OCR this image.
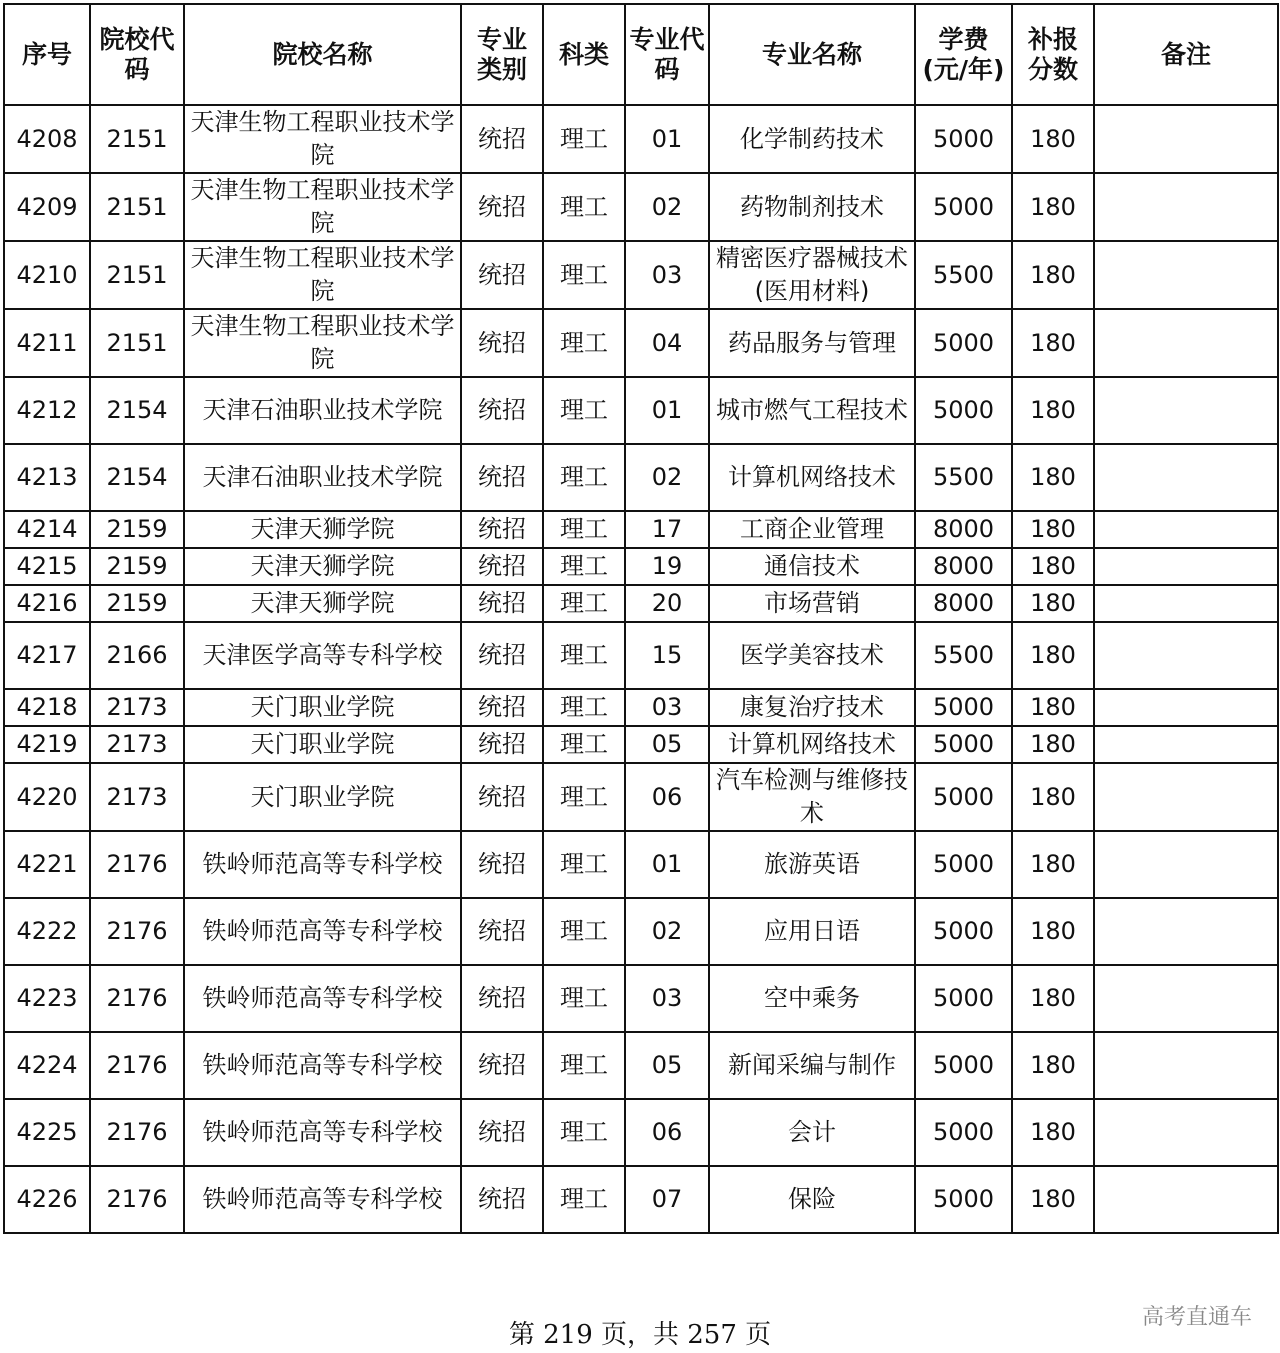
序号	院校代码	院校名称	专业类别	科类	专业代码	专业名称	学费(元/年)	补报分数	备注
4208	2151	天津生物工程职业技术学院	统招	理工	01	化学制药技术	5000	180	
4209	2151	天津生物工程职业技术学院	统招	理工	02	药物制剂技术	5000	180	
4210	2151	天津生物工程职业技术学院	统招	理工	03	精密医疗器械技术(医用材料)	5500	180	
4211	2151	天津生物工程职业技术学院	统招	理工	04	药品服务与管理	5000	180	
4212	2154	天津石油职业技术学院	统招	理工	01	城市燃气工程技术	5000	180	
4213	2154	天津石油职业技术学院	统招	理工	02	计算机网络技术	5500	180	
4214	2159	天津天狮学院	统招	理工	17	工商企业管理	8000	180	
4215	2159	天津天狮学院	统招	理工	19	通信技术	8000	180	
4216	2159	天津天狮学院	统招	理工	20	市场营销	8000	180	
4217	2166	天津医学高等专科学校	统招	理工	15	医学美容技术	5500	180	
4218	2173	天门职业学院	统招	理工	03	康复治疗技术	5000	180	
4219	2173	天门职业学院	统招	理工	05	计算机网络技术	5000	180	
4220	2173	天门职业学院	统招	理工	06	汽车检测与维修技术	5000	180	
4221	2176	铁岭师范高等专科学校	统招	理工	01	旅游英语	5000	180	
4222	2176	铁岭师范高等专科学校	统招	理工	02	应用日语	5000	180	
4223	2176	铁岭师范高等专科学校	统招	理工	03	空中乘务	5000	180	
4224	2176	铁岭师范高等专科学校	统招	理工	05	新闻采编与制作	5000	180	
4225	2176	铁岭师范高等专科学校	统招	理工	06	会计	5000	180	
4226	2176	铁岭师范高等专科学校	统招	理工	07	保险	5000	180	
第 219 页，共 257 页
高考直通车
